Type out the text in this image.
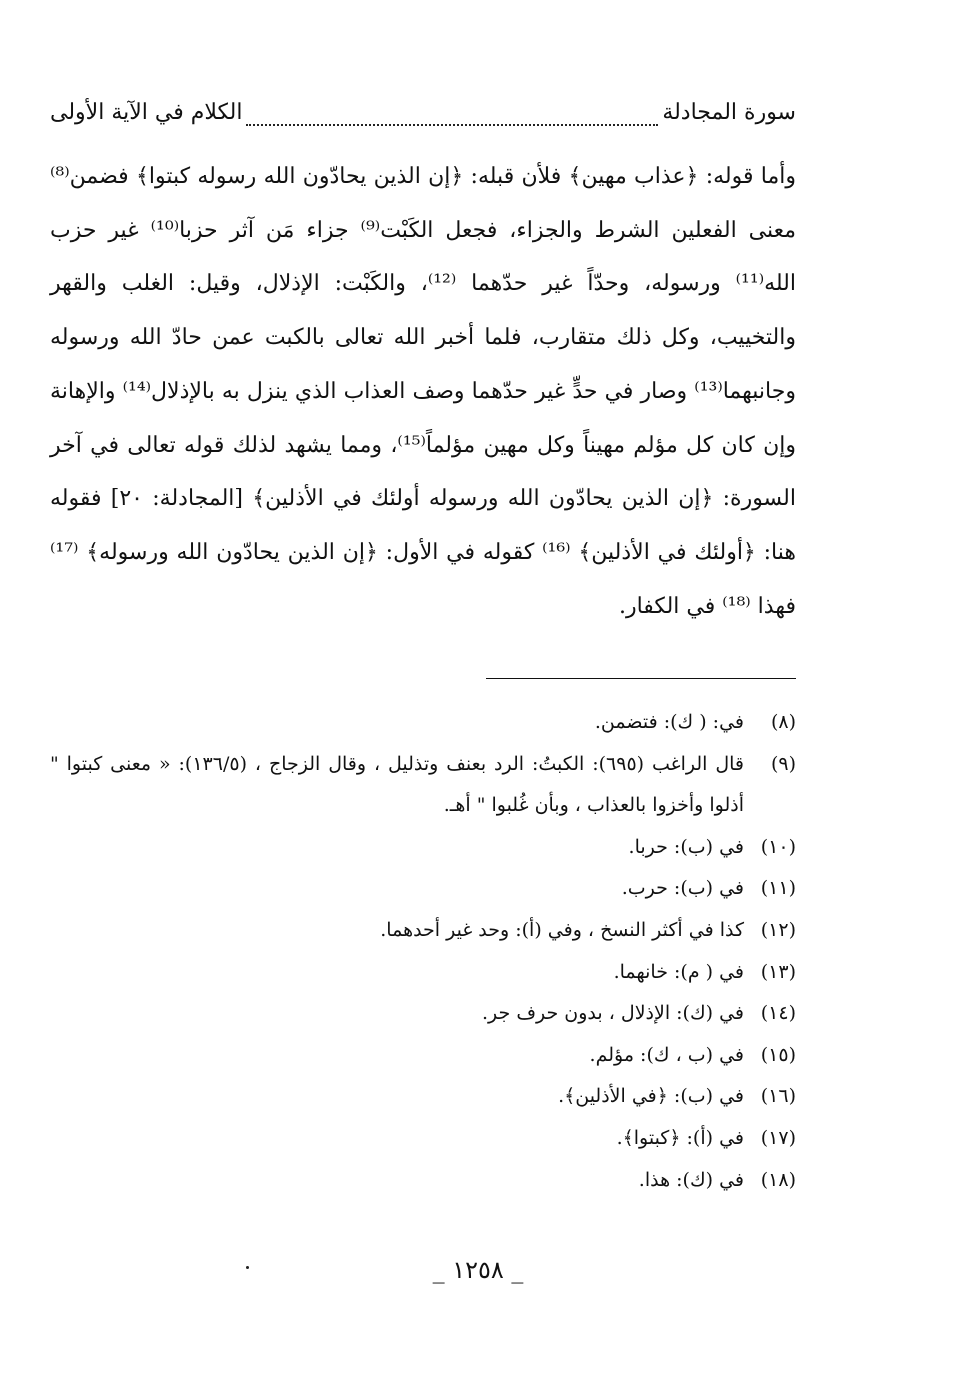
سورة المجادلة
الكلام في الآية الأولى

وأما قوله: ﴿عذاب مهين﴾ فلأن قبله: ﴿إن الذين يحادّون الله رسوله كبتوا﴾ فضمن⁽⁸⁾ معنى الفعلين الشرط والجزاء، فجعل الكَبْت⁽⁹⁾ جزاء مَن آثر حزبا⁽¹⁰⁾ غير حزب الله⁽¹¹⁾ ورسوله، وحدّاً غير حدّهما ⁽¹²⁾، والكَبْت: الإذلال، وقيل: الغلب والقهر والتخييب، وكل ذلك متقارب، فلما أخبر الله تعالى بالكبت عمن حادّ الله ورسوله وجانبهما⁽¹³⁾ وصار في حدٍّ غير حدّهما وصف العذاب الذي ينزل به بالإذلال⁽¹⁴⁾ والإهانة وإن كان كل مؤلم مهيناً وكل مهين مؤلماً⁽¹⁵⁾، ومما يشهد لذلك قوله تعالى في آخر السورة: ﴿إن الذين يحادّون الله ورسوله أولئك في الأذلين﴾ [المجادلة: ٢٠] فقوله هنا: ﴿أولئك في الأذلين﴾ ⁽¹⁶⁾ كقوله في الأول: ﴿إن الذين يحادّون الله ورسوله﴾ ⁽¹⁷⁾ فهذا ⁽¹⁸⁾ في الكفار.

(٨)
في: ( ك): فتضمن.
(٩)
قال الراغب (٦٩٥): الكبتُ: الرد بعنف وتذليل ، وقال الزجاج ، (١٣٦/٥): « معنى كبتوا " أذلوا وأخزوا بالعذاب ، وبأن غُلبوا " أهـ.
(١٠)
في (ب): حربا.
(١١)
في (ب): حرب.
(١٢)
كذا في أكثر النسخ ، وفي (أ): وحد غير أحدهما.
(١٣)
في ( م): خانهما.
(١٤)
في (ك): الإذلال ، بدون حرف جر.
(١٥)
في (ب ، ك): مؤلم.
(١٦)
في (ب): ﴿في الأذلين﴾.
(١٧)
في (أ): ﴿كبتوا﴾.
(١٨)
في (ك): هذا.
_ ١٢٥٨ _
